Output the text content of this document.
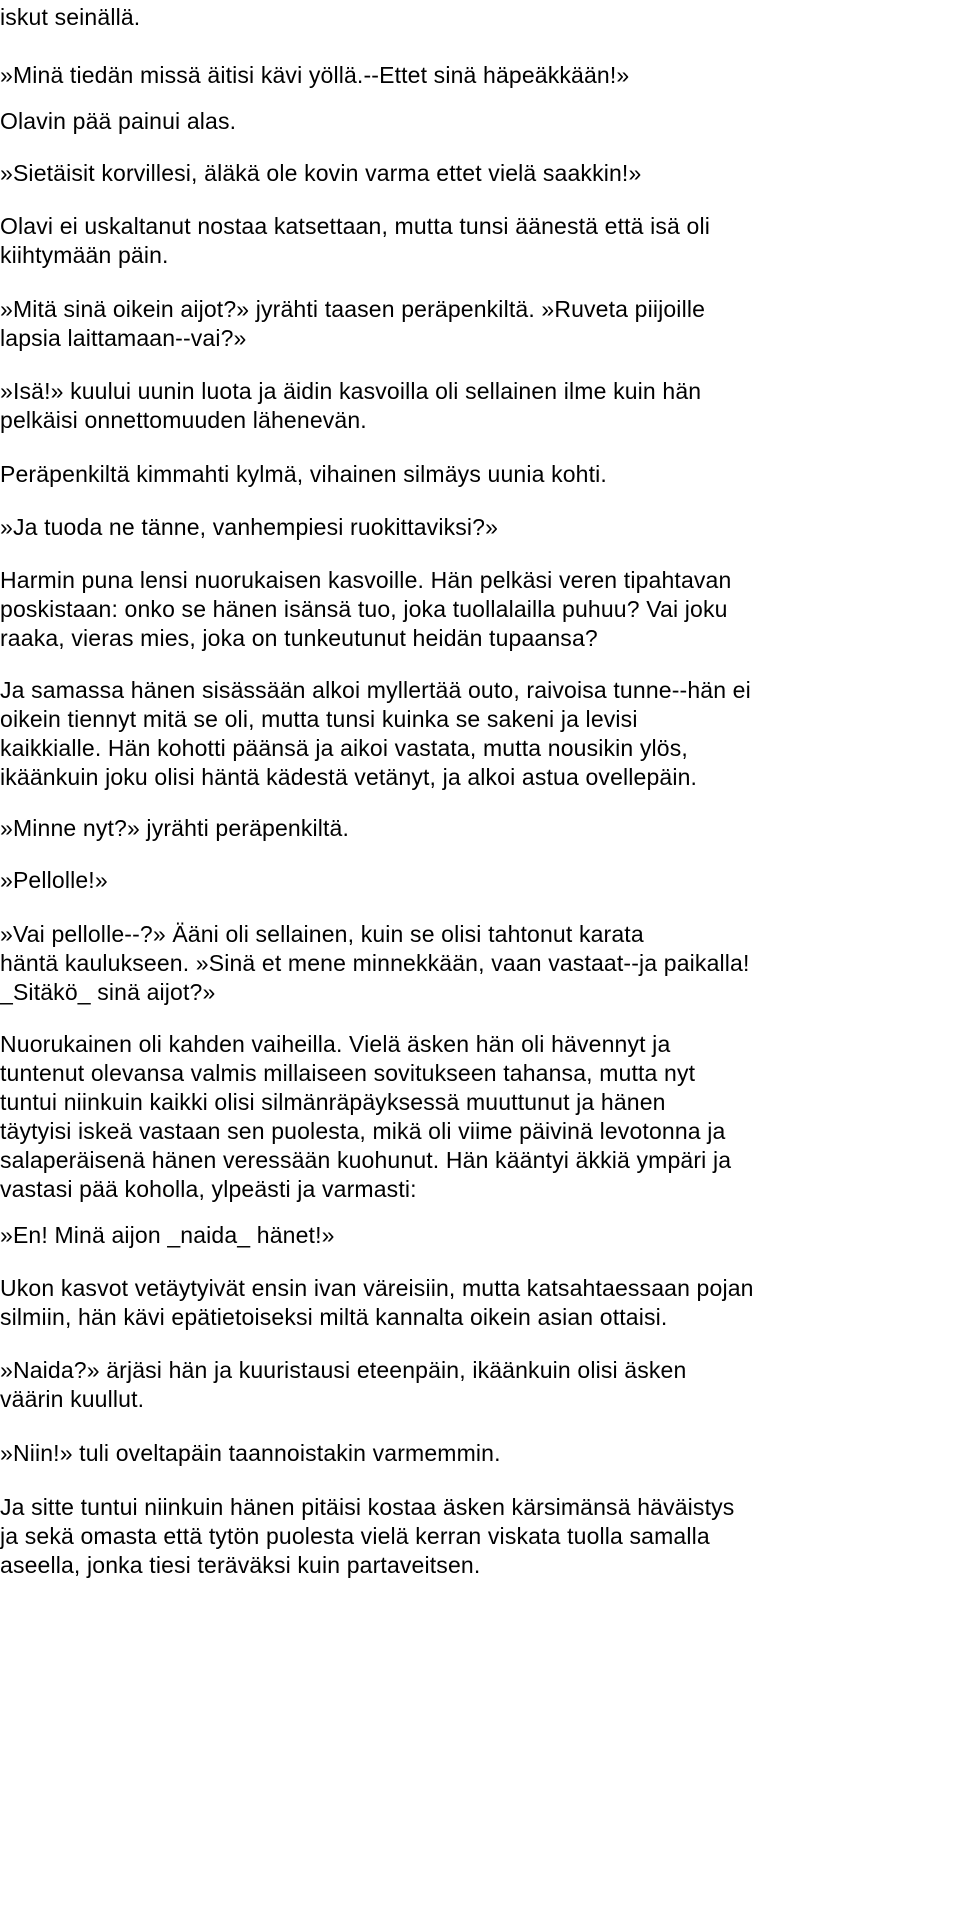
iskut seinällä.
»Minä tiedän missä äitisi kävi yöllä.--Ettet sinä häpeäkkään!»
Olavin pää painui alas.
»Sietäisit korvillesi, äläkä ole kovin varma ettet vielä saakkin!»
Olavi ei uskaltanut nostaa katsettaan, mutta tunsi äänestä että isä oli
kiihtymään päin.
»Mitä sinä oikein aijot?» jyrähti taasen peräpenkiltä. »Ruveta piijoille
lapsia laittamaan--vai?»
»Isä!» kuului uunin luota ja äidin kasvoilla oli sellainen ilme kuin hän
pelkäisi onnettomuuden lähenevän.
Peräpenkiltä kimmahti kylmä, vihainen silmäys uunia kohti.
»Ja tuoda ne tänne, vanhempiesi ruokittaviksi?»
Harmin puna lensi nuorukaisen kasvoille. Hän pelkäsi veren tipahtavan
poskistaan: onko se hänen isänsä tuo, joka tuollalailla puhuu? Vai joku
raaka, vieras mies, joka on tunkeutunut heidän tupaansa?
Ja samassa hänen sisässään alkoi myllertää outo, raivoisa tunne--hän ei
oikein tiennyt mitä se oli, mutta tunsi kuinka se sakeni ja levisi
kaikkialle. Hän kohotti päänsä ja aikoi vastata, mutta nousikin ylös,
ikäänkuin joku olisi häntä kädestä vetänyt, ja alkoi astua ovellepäin.
»Minne nyt?» jyrähti peräpenkiltä.
»Pellolle!»
»Vai pellolle--?» Ääni oli sellainen, kuin se olisi tahtonut karata
häntä kaulukseen. »Sinä et mene minnekkään, vaan vastaat--ja paikalla!
_Sitäkö_ sinä aijot?»
Nuorukainen oli kahden vaiheilla. Vielä äsken hän oli hävennyt ja
tuntenut olevansa valmis millaiseen sovitukseen tahansa, mutta nyt
tuntui niinkuin kaikki olisi silmänräpäyksessä muuttunut ja hänen
täytyisi iskeä vastaan sen puolesta, mikä oli viime päivinä levotonna ja
salaperäisenä hänen veressään kuohunut. Hän kääntyi äkkiä ympäri ja
vastasi pää koholla, ylpeästi ja varmasti:
»En! Minä aijon _naida_ hänet!»
Ukon kasvot vetäytyivät ensin ivan väreisiin, mutta katsahtaessaan pojan
silmiin, hän kävi epätietoiseksi miltä kannalta oikein asian ottaisi.
»Naida?» ärjäsi hän ja kuuristausi eteenpäin, ikäänkuin olisi äsken
väärin kuullut.
»Niin!» tuli oveltapäin taannoistakin varmemmin.
Ja sitte tuntui niinkuin hänen pitäisi kostaa äsken kärsimänsä häväistys
ja sekä omasta että tytön puolesta vielä kerran viskata tuolla samalla
aseella, jonka tiesi teräväksi kuin partaveitsen.
